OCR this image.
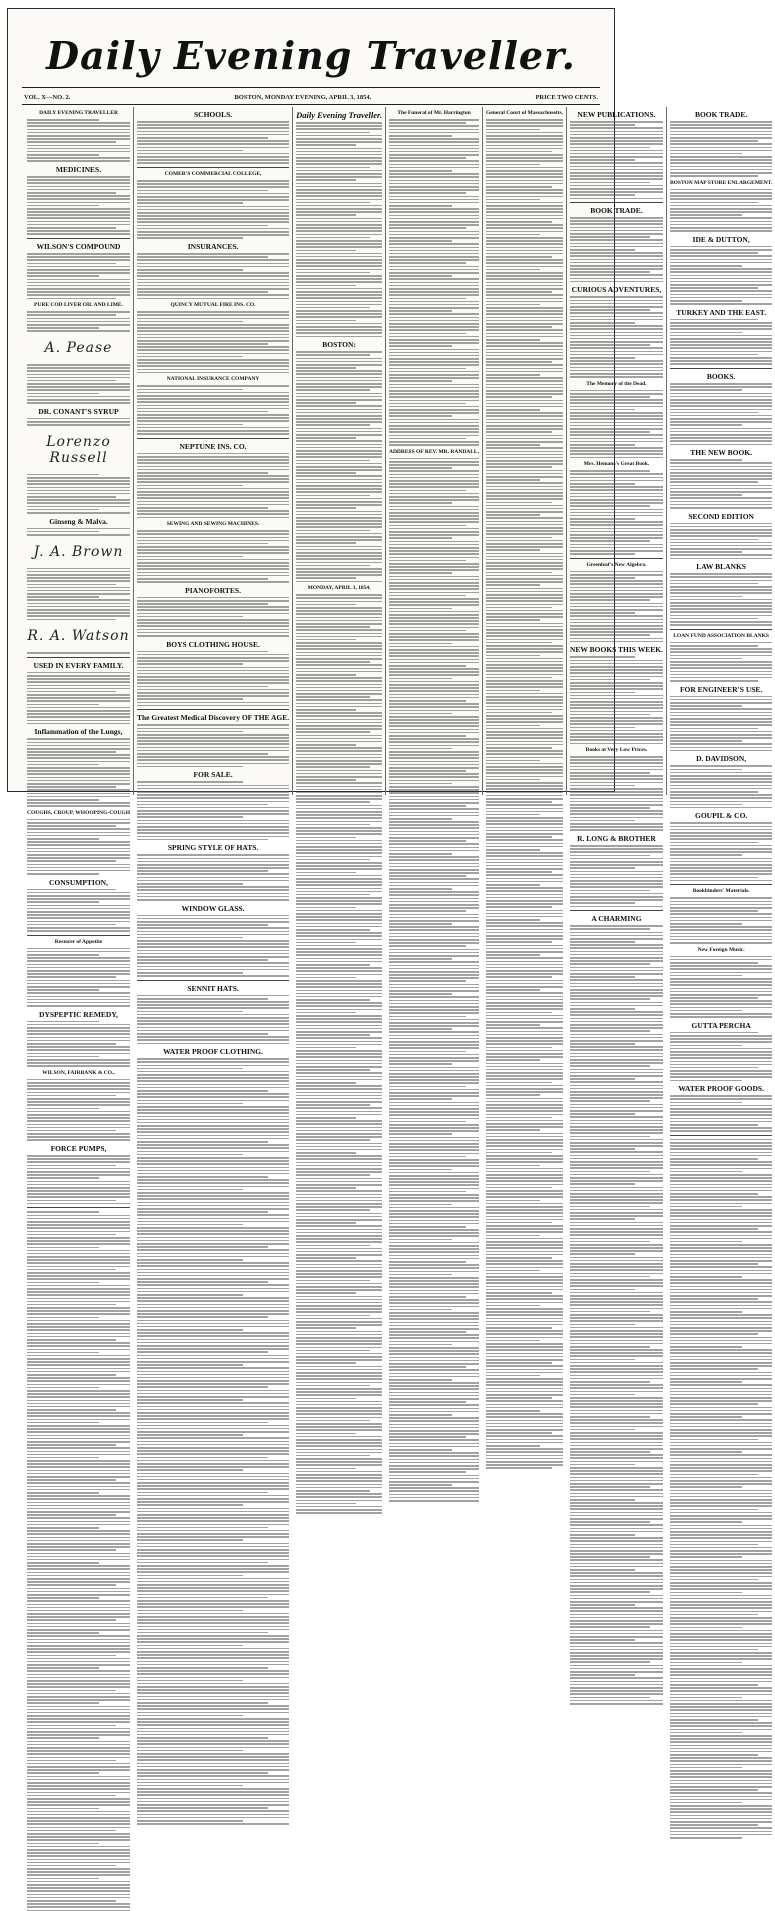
Daily Evening Traveller.
VOL. X—NO. 2.	BOSTON, MONDAY EVENING, APRIL 3, 1854.	PRICE TWO CENTS.
DAILY EVENING TRAVELLER
MEDICINES.
WILSON'S COMPOUND
PURE COD LIVER OIL AND LIME.
A. Pease
DR. CONANT'S SYRUP
Lorenzo Russell
Ginseng & Malva.
J. A. Brown
R. A. Watson
USED IN EVERY FAMILY.
Inflammation of the Lungs,
COUGHS, CROUP, WHOOPING-COUGH
CONSUMPTION,
Restorer of Appetite
DYSPEPTIC REMEDY,
WILSON, FAIRBANK & CO.,
FORCE PUMPS,
SCHOOLS.
COMER'S COMMERCIAL COLLEGE,
INSURANCES.
QUINCY MUTUAL FIRE INS. CO.
NATIONAL INSURANCE COMPANY
NEPTUNE INS. CO.
SEWING AND SEWING MACHINES.
PIANOFORTES.
BOYS CLOTHING HOUSE.
The Greatest Medical Discovery OF THE AGE.
FOR SALE.
SPRING STYLE OF HATS.
WINDOW GLASS.
SENNIT HATS.
WATER PROOF CLOTHING.
Daily Evening Traveller.
BOSTON:
MONDAY, APRIL 3, 1854.
The Funeral of Mr. Harrington
ADDRESS OF REV. MR. RANDALL.
General Court of Massachusetts.	NEW PUBLICATIONS.
BOOK TRADE.
CURIOUS ADVENTURES,
The Memory of the Dead.
Mrs. Hemans's Great Book.
Greenleaf's New Algebra.
NEW BOOKS THIS WEEK.
Books at Very Low Prices.
R. LONG & BROTHER
A CHARMING
BOOK TRADE.
BOSTON MAP STORE ENLARGEMENT.
IDE & DUTTON,
TURKEY AND THE EAST.
BOOKS.
THE NEW BOOK.
SECOND EDITION
LAW BLANKS
LOAN FUND ASSOCIATION BLANKS
FOR ENGINEER'S USE.
D. DAVIDSON,
GOUPIL & CO.
Bookbinders' Materials.
New Foreign Music.
GUTTA PERCHA
WATER PROOF GOODS.
